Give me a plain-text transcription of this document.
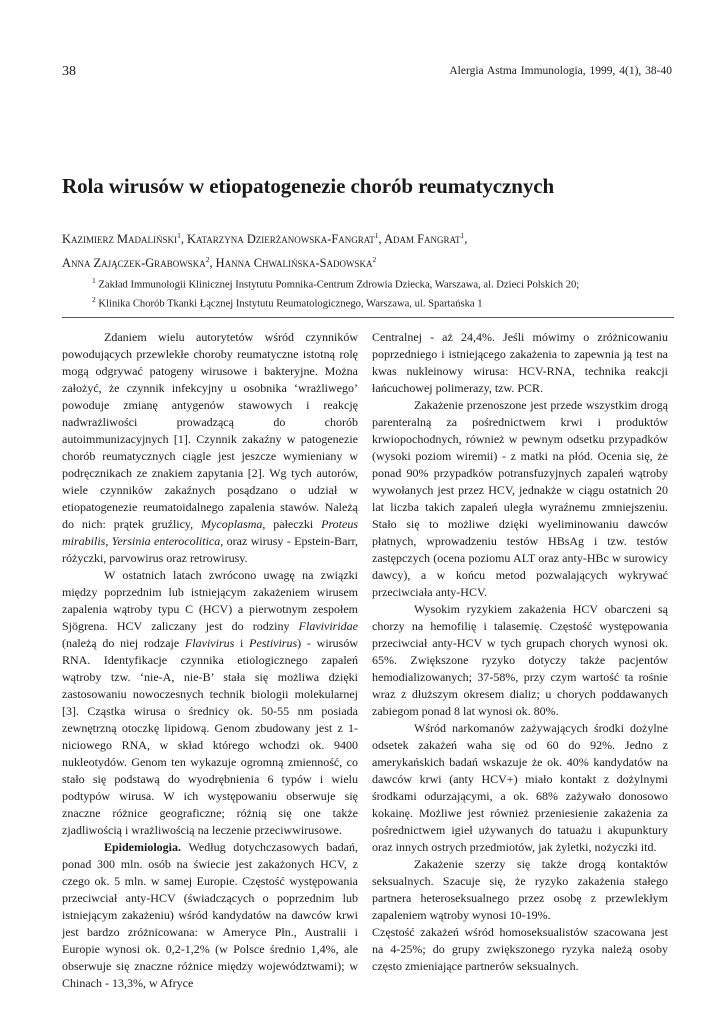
38	Alergia Astma Immunologia, 1999, 4(1), 38-40
Rola wirusów w etiopatogenezie chorób reumatycznych
Kazimierz Madaliński$^1$, Katarzyna Dzierżanowska-Fangrat$^1$, Adam Fangrat$^1$,
Anna Zajączek-Grabowska$^2$, Hanna Chwalińska-Sadowska$^2$
$^1$ Zakład Immunologii Klinicznej Instytutu Pomnika-Centrum Zdrowia Dziecka, Warszawa, al. Dzieci Polskich 20;
$^2$ Klinika Chorób Tkanki Łącznej Instytutu Reumatologicznego, Warszawa, ul. Spartańska 1

Zdaniem wielu autorytetów wśród czynników powodujących przewlekłe choroby reumatyczne istotną rolę mogą odgrywać patogeny wirusowe i bakteryjne. Można założyć, że czynnik infekcyjny u osobnika ‘wrażliwego’ powoduje zmianę antygenów stawowych i reakcję nadwrażliwości prowadzącą do chorób autoimmunizacyjnych [1]. Czynnik zakaźny w patogenezie chorób reumatycznych ciągle jest jeszcze wymieniany w podręcznikach ze znakiem zapytania [2]. Wg tych autorów, wiele czynników zakaźnych posądzano o udział w etiopatogenezie reumatoidalnego zapalenia stawów. Należą do nich: prątek gruźlicy, Mycoplasma, pałeczki Proteus mirabilis, Yersinia enterocolitica, oraz wirusy - Epstein-Barr, różyczki, parvowirus oraz retrowirusy.

W ostatnich latach zwrócono uwagę na związki między poprzednim lub istniejącym zakażeniem wirusem zapalenia wątroby typu C (HCV) a pierwotnym zespołem Sjögrena. HCV zaliczany jest do rodziny Flaviviridae (należą do niej rodzaje Flavivirus i Pestivirus) - wirusów RNA. Identyfikacje czynnika etiologicznego zapaleń wątroby tzw. ‘nie-A, nie-B’ stała się możliwa dzięki zastosowaniu nowoczesnych technik biologii molekularnej [3]. Cząstka wirusa o średnicy ok. 50-55 nm posiada zewnętrzną otoczkę lipidową. Genom zbudowany jest z 1-niciowego RNA, w skład którego wchodzi ok. 9400 nukleotydów. Genom ten wykazuje ogromną zmienność, co stało się podstawą do wyodrębnienia 6 typów i wielu podtypów wirusa. W ich występowaniu obserwuje się znaczne różnice geograficzne; różnią się one także zjadliwością i wrażliwością na leczenie przeciwwirusowe.

Epidemiologia. Według dotychczasowych badań, ponad 300 mln. osób na świecie jest zakażonych HCV, z czego ok. 5 mln. w samej Europie. Częstość występowania przeciwciał anty-HCV (świadczących o poprzednim lub istniejącym zakażeniu) wśród kandydatów na dawców krwi jest bardzo zróżnicowana: w Ameryce Płn., Australii i Europie wynosi ok. 0,2-1,2% (w Polsce średnio 1,4%, ale obserwuje się znaczne różnice między województwami); w Chinach - 13,3%, w Afryce

Centralnej - aż 24,4%. Jeśli mówimy o zróżnicowaniu poprzedniego i istniejącego zakażenia to zapewnia ją test na kwas nukleinowy wirusa: HCV-RNA, technika reakcji łańcuchowej polimerazy, tzw. PCR.

Zakażenie przenoszone jest przede wszystkim drogą parenteralną za pośrednictwem krwi i produktów krwiopochodnych, również w pewnym odsetku przypadków (wysoki poziom wiremii) - z matki na płód. Ocenia się, że ponad 90% przypadków potransfuzyjnych zapaleń wątroby wywołanych jest przez HCV, jednakże w ciągu ostatnich 20 lat liczba takich zapaleń uległa wyraźnemu zmniejszeniu. Stało się to możliwe dzięki wyeliminowaniu dawców płatnych, wprowadzeniu testów HBsAg i tzw. testów zastępczych (ocena poziomu ALT oraz anty-HBc w surowicy dawcy), a w końcu metod pozwalających wykrywać przeciwciała anty-HCV.

Wysokim ryzykiem zakażenia HCV obarczeni są chorzy na hemofilię i talasemię. Częstość występowania przeciwciał anty-HCV w tych grupach chorych wynosi ok. 65%. Zwiększone ryzyko dotyczy także pacjentów hemodializowanych; 37-58%, przy czym wartość ta rośnie wraz z dłuższym okresem dializ; u chorych poddawanych zabiegom ponad 8 lat wynosi ok. 80%.

Wśród narkomanów zażywających środki dożylne odsetek zakażeń waha się od 60 do 92%. Jedno z amerykańskich badań wskazuje że ok. 40% kandydatów na dawców krwi (anty HCV+) miało kontakt z dożylnymi środkami odurzającymi, a ok. 68% zażywało donosowo kokainę. Możliwe jest również przeniesienie zakażenia za pośrednictwem igieł używanych do tatuażu i akupunktury oraz innych ostrych przedmiotów, jak żyletki, nożyczki itd.

Zakażenie szerzy się także drogą kontaktów seksualnych. Szacuje się, że ryzyko zakażenia stałego partnera heteroseksualnego przez osobę z przewlekłym zapaleniem wątroby wynosi 10-19%.

Częstość zakażeń wśród homoseksualistów szacowana jest na 4-25%; do grupy zwiększonego ryzyka należą osoby często zmieniające partnerów seksualnych.
